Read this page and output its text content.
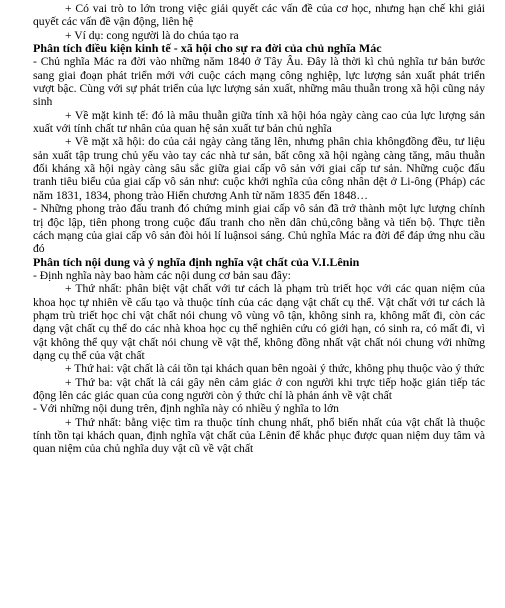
+ Có vai trò to lớn trong việc giải quyết các vấn đề của cơ học, nhưng hạn chế khi giải quyết các vấn đề vận động, liên hệ
+ Ví dụ: cong người là do chúa tạo ra
Phân tích điều kiện kinh tế - xã hội cho sự ra đời của chủ nghĩa Mác
- Chủ nghĩa Mác ra đời vào những năm 1840 ở Tây Âu. Đây là thời kì chủ nghĩa tư bản bước sang giai đoạn phát triển mới với cuộc cách mạng công nghiệp, lực lượng sản xuất phát triển vượt bậc. Cùng với sự phát triển của lực lượng sản xuất, những mâu thuẫn trong xã hội cũng nảy sinh
+ Về mặt kinh tế: đó là mâu thuẫn giữa tính xã hội hóa ngày càng cao của lực lượng sản xuất với tính chất tư nhân của quan hệ sản xuất tư bản chủ nghĩa
+ Về mặt xã hội: do của cải ngày càng tăng lên, nhưng phân chia khôngđồng đều, tư liệu sản xuất tập trung chủ yếu vào tay các nhà tư sản, bất công xã hội ngàng càng tăng, mâu thuẫn đối kháng xã hội ngày càng sâu sắc giữa giai cấp vô sản với giai cấp tư sản. Những cuộc đấu tranh tiêu biểu của giai cấp vô sản như: cuộc khởi nghĩa của công nhân dệt ở Li-ông (Pháp) các năm 1831, 1834, phong trào Hiến chương Anh từ năm 1835 đến 1848…
- Những phong trào đấu tranh đó chứng minh giai cấp vô sản đã trở thành một lực lượng chính trị độc lập, tiên phong trong cuộc đấu tranh cho nền dân chủ,công bằng và tiến bộ. Thực tiễn cách mạng của giai cấp vô sản đòi hỏi lí luậnsoi sáng. Chủ nghĩa Mác ra đời để đáp ứng nhu cầu đó
Phân tích nội dung và ý nghĩa định nghĩa vật chất của V.I.Lênin
- Định nghĩa này bao hàm các nội dung cơ bản sau đây:
+ Thứ nhất: phân biệt vật chất với tư cách là phạm trù triết học với các quan niệm của khoa học tự nhiên về cấu tạo và thuộc tính của các dạng vật chất cụ thể. Vật chất với tư cách là phạm trù triết học chỉ vật chất nói chung vô vùng vô tận, không sinh ra, không mất đi, còn các dạng vật chất cụ thể do các nhà khoa học cụ thể nghiên cứu có giới hạn, có sinh ra, có mất đi, vì vật không thể quy vật chất nói chung về vật thể, không đồng nhất vật chất nói chung với những dạng cụ thể của vật chất
+ Thứ hai: vật chất là cái tồn tại khách quan bên ngoài ý thức, không phụ thuộc vào ý thức
+ Thứ ba: vật chất là cái gây nên cảm giác ở con người khi trực tiếp hoặc gián tiếp tác động lên các giác quan của cong người còn ý thức chỉ là phản ánh về vật chất
- Với những nội dung trên, định nghĩa này có nhiều ý nghĩa to lớn
+ Thứ nhất: bằng việc tìm ra thuộc tính chung nhất, phổ biến nhất của vật chất là thuộc tính tồn tại khách quan, định nghĩa vật chất của Lênin để khắc phục được quan niệm duy tâm và quan niệm của chủ nghĩa duy vật cũ về vật chất
